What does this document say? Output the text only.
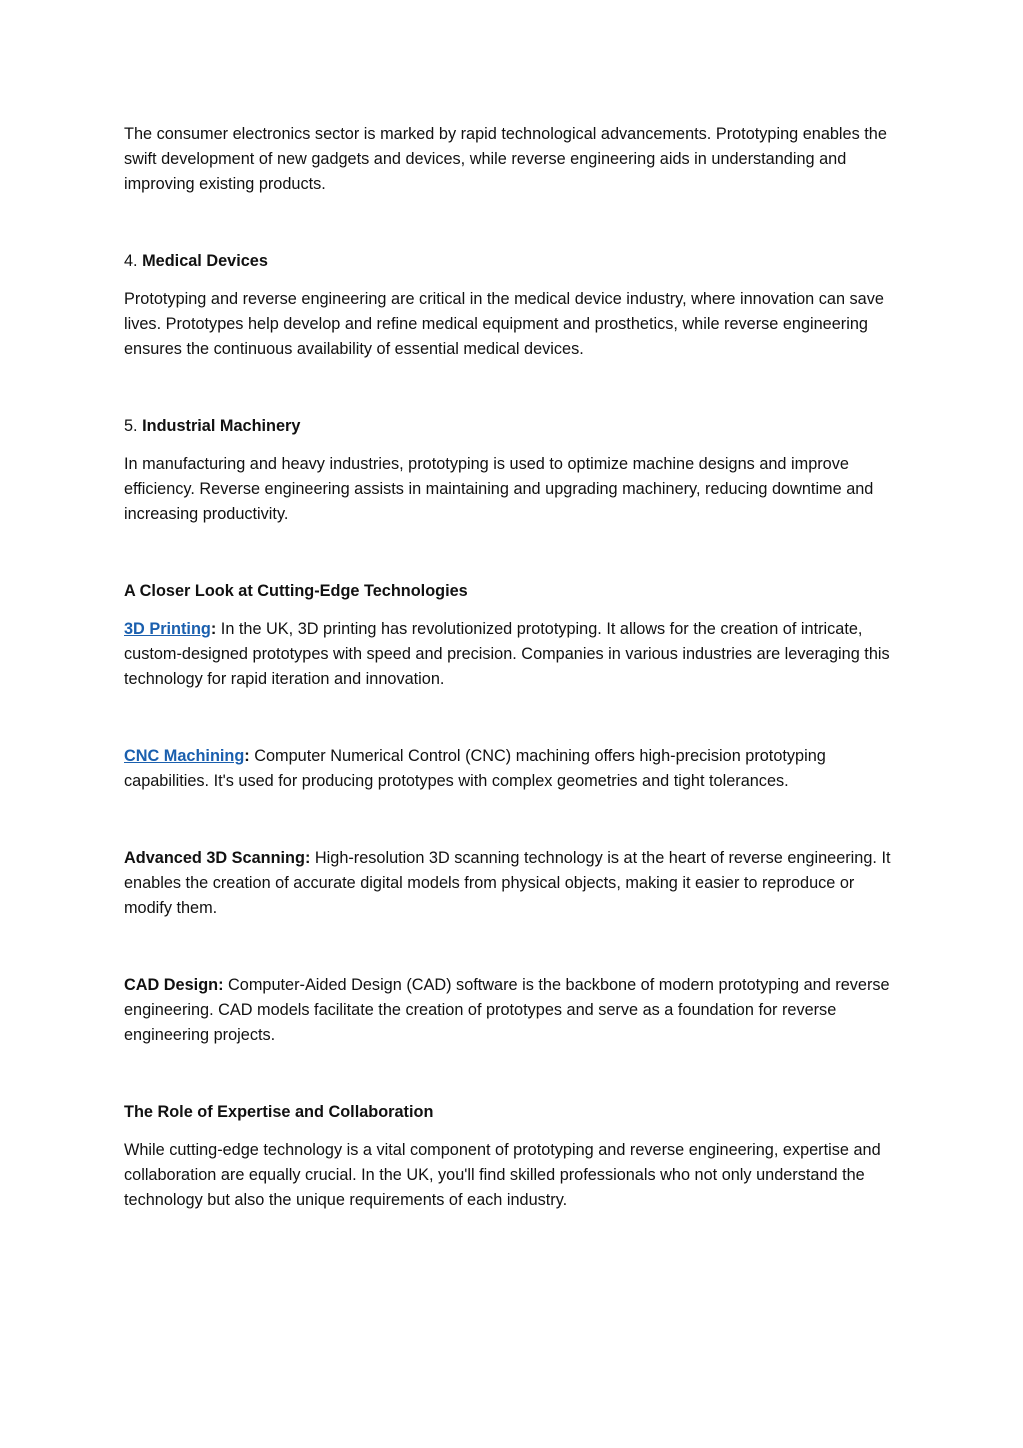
The consumer electronics sector is marked by rapid technological advancements. Prototyping enables the swift development of new gadgets and devices, while reverse engineering aids in understanding and improving existing products.

4. Medical Devices

Prototyping and reverse engineering are critical in the medical device industry, where innovation can save lives. Prototypes help develop and refine medical equipment and prosthetics, while reverse engineering ensures the continuous availability of essential medical devices.

5. Industrial Machinery

In manufacturing and heavy industries, prototyping is used to optimize machine designs and improve efficiency. Reverse engineering assists in maintaining and upgrading machinery, reducing downtime and increasing productivity.

A Closer Look at Cutting-Edge Technologies

3D Printing: In the UK, 3D printing has revolutionized prototyping. It allows for the creation of intricate, custom-designed prototypes with speed and precision. Companies in various industries are leveraging this technology for rapid iteration and innovation.

CNC Machining: Computer Numerical Control (CNC) machining offers high-precision prototyping capabilities. It's used for producing prototypes with complex geometries and tight tolerances.

Advanced 3D Scanning: High-resolution 3D scanning technology is at the heart of reverse engineering. It enables the creation of accurate digital models from physical objects, making it easier to reproduce or modify them.

CAD Design: Computer-Aided Design (CAD) software is the backbone of modern prototyping and reverse engineering. CAD models facilitate the creation of prototypes and serve as a foundation for reverse engineering projects.

The Role of Expertise and Collaboration

While cutting-edge technology is a vital component of prototyping and reverse engineering, expertise and collaboration are equally crucial. In the UK, you'll find skilled professionals who not only understand the technology but also the unique requirements of each industry.
